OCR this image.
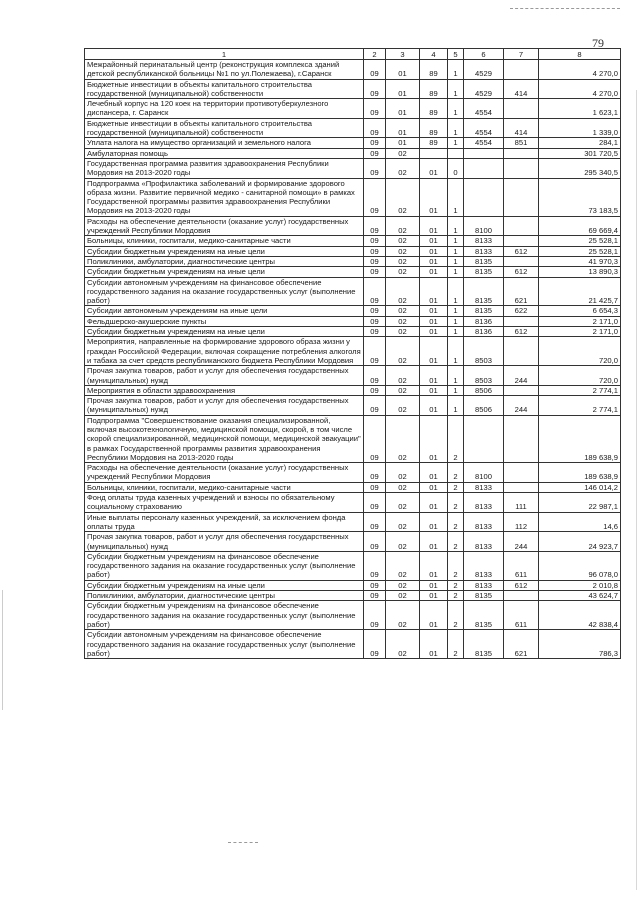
79
1	2	3	4	5	6	7	8
Межрайонный перинатальный центр (реконструкция комплекса зданий детской республиканской больницы №1 по ул.Полежаева), г.Саранск	09	01	89	1	4529		4 270,0
Бюджетные инвестиции в объекты капитального строительства государственной (муниципальной) собственности	09	01	89	1	4529	414	4 270,0
Лечебный корпус на 120 коек на территории противотуберкулезного диспансера, г. Саранск	09	01	89	1	4554		1 623,1
Бюджетные инвестиции в объекты капитального строительства государственной (муниципальной) собственности	09	01	89	1	4554	414	1 339,0
Уплата налога на имущество организаций и земельного налога	09	01	89	1	4554	851	284,1
Амбулаторная помощь	09	02					301 720,5
Государственная программа развития здравоохранения Республики Мордовия на 2013-2020 годы	09	02	01	0			295 340,5
Подпрограмма «Профилактика заболеваний и формирование здорового образа жизни. Развитие первичной медико - санитарной помощи» в рамках Государственной программы развития здравоохранения Республики Мордовия на 2013-2020 годы	09	02	01	1			73 183,5
Расходы на обеспечение деятельности (оказание услуг) государственных учреждений Республики Мордовия	09	02	01	1	8100		69 669,4
Больницы, клиники, госпитали, медико-санитарные части	09	02	01	1	8133		25 528,1
Субсидии бюджетным учреждениям на иные цели	09	02	01	1	8133	612	25 528,1
Поликлиники, амбулатории, диагностические центры	09	02	01	1	8135		41 970,3
Субсидии бюджетным учреждениям на иные цели	09	02	01	1	8135	612	13 890,3
Субсидии автономным учреждениям на финансовое обеспечение государственного задания на оказание государственных услуг (выполнение работ)	09	02	01	1	8135	621	21 425,7
Субсидии автономным учреждениям на иные цели	09	02	01	1	8135	622	6 654,3
Фельдшерско-акушерские пункты	09	02	01	1	8136		2 171,0
Субсидии бюджетным учреждениям на иные цели	09	02	01	1	8136	612	2 171,0
Мероприятия, направленные на формирование здорового образа жизни у граждан Российской Федерации, включая сокращение потребления алкоголя и табака за счет средств республиканского бюджета Республики Мордовия	09	02	01	1	8503		720,0
Прочая закупка товаров, работ и услуг для обеспечения государственных (муниципальных) нужд	09	02	01	1	8503	244	720,0
Мероприятия в области здравоохранения	09	02	01	1	8506		2 774,1
Прочая закупка товаров, работ и услуг для обеспечения государственных (муниципальных) нужд	09	02	01	1	8506	244	2 774,1
Подпрограмма "Совершенствование оказания специализированной, включая высокотехнологичную, медицинской помощи, скорой, в том числе скорой специализированной, медицинской помощи, медицинской эвакуации" в рамках Государственной программы развития здравоохранения Республики Мордовия на 2013-2020 годы	09	02	01	2			189 638,9
Расходы на обеспечение деятельности (оказание услуг) государственных учреждений Республики Мордовия	09	02	01	2	8100		189 638,9
Больницы, клиники, госпитали, медико-санитарные части	09	02	01	2	8133		146 014,2
Фонд оплаты труда казенных учреждений и взносы по обязательному социальному страхованию	09	02	01	2	8133	111	22 987,1
Иные выплаты персоналу казенных учреждений, за исключением фонда оплаты труда	09	02	01	2	8133	112	14,6
Прочая закупка товаров, работ и услуг для обеспечения государственных (муниципальных) нужд	09	02	01	2	8133	244	24 923,7
Субсидии бюджетным учреждениям на финансовое обеспечение государственного задания на оказание государственных услуг (выполнение работ)	09	02	01	2	8133	611	96 078,0
Субсидии бюджетным учреждениям на иные цели	09	02	01	2	8133	612	2 010,8
Поликлиники, амбулатории, диагностические центры	09	02	01	2	8135		43 624,7
Субсидии бюджетным учреждениям на финансовое обеспечение государственного задания на оказание государственных услуг (выполнение работ)	09	02	01	2	8135	611	42 838,4
Субсидии автономным учреждениям на финансовое обеспечение государственного задания на оказание государственных услуг (выполнение работ)	09	02	01	2	8135	621	786,3
